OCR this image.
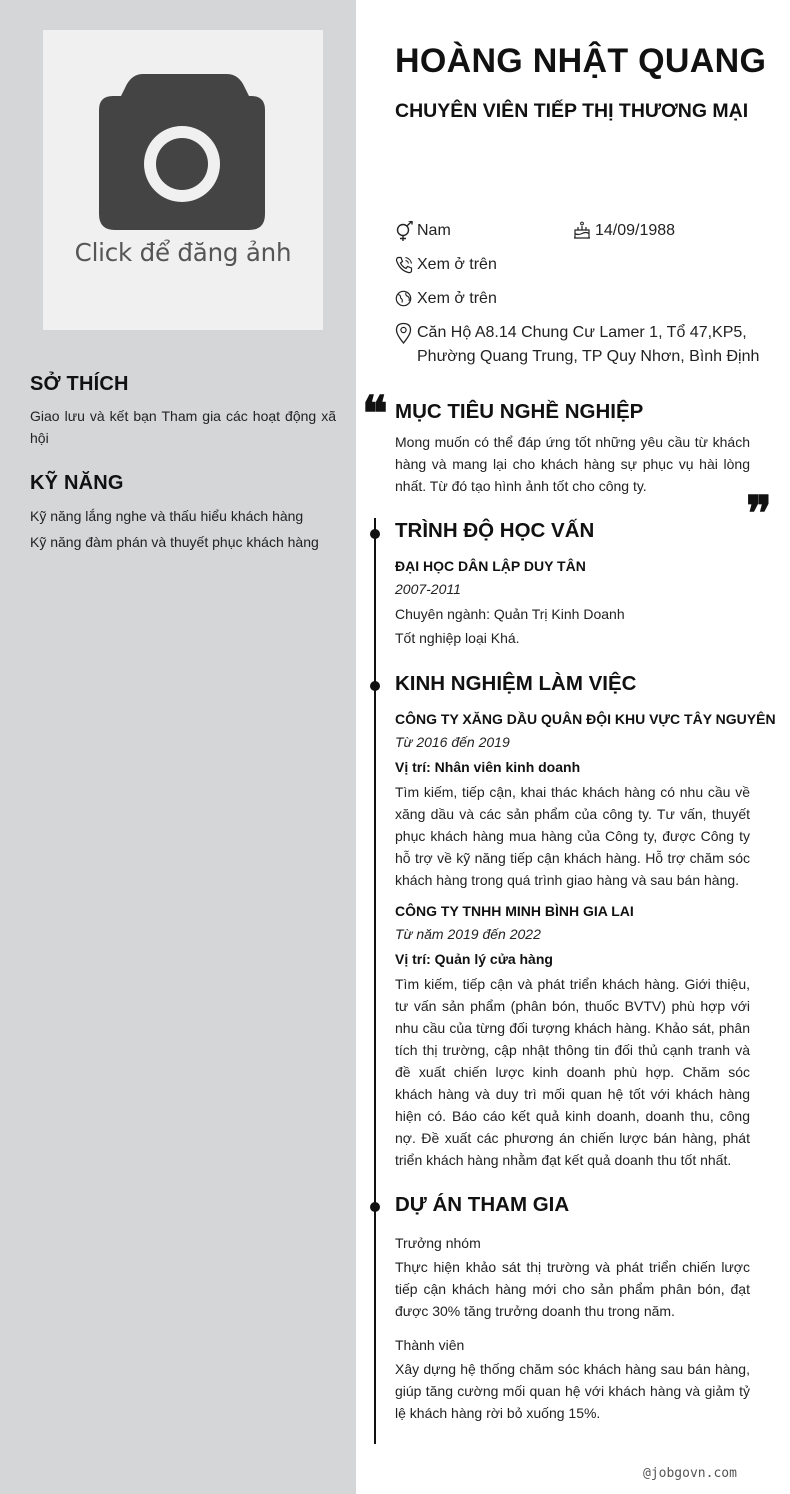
Click để đăng ảnh
SỞ THÍCH
Giao lưu và kết bạn Tham gia các hoạt động xã hội
KỸ NĂNG
Kỹ năng lắng nghe và thấu hiểu khách hàng
Kỹ năng đàm phán và thuyết phục khách hàng
HOÀNG NHẬT QUANG
CHUYÊN VIÊN TIẾP THỊ THƯƠNG MẠI
Nam	14/09/1988
Xem ở trên
Xem ở trên
Căn Hộ A8.14 Chung Cư Lamer 1, Tổ 47,KP5,
Phường Quang Trung, TP Quy Nhơn, Bình Định
❝ MỤC TIÊU NGHỀ NGHIỆP
Mong muốn có thể đáp ứng tốt những yêu cầu từ khách hàng và mang lại cho khách hàng sự phục vụ hài lòng nhất. Từ đó tạo hình ảnh tốt cho công ty.	❞
TRÌNH ĐỘ HỌC VẤN
ĐẠI HỌC DÂN LẬP DUY TÂN
2007-2011
Chuyên ngành: Quản Trị Kinh Doanh
Tốt nghiệp loại Khá.
KINH NGHIỆM LÀM VIỆC
CÔNG TY XĂNG DẦU QUÂN ĐỘI KHU VỰC TÂY NGUYÊN
Từ 2016 đến 2019
Vị trí: Nhân viên kinh doanh
Tìm kiếm, tiếp cận, khai thác khách hàng có nhu cầu về xăng dầu và các sản phẩm của công ty. Tư vấn, thuyết phục khách hàng mua hàng của Công ty, được Công ty hỗ trợ về kỹ năng tiếp cận khách hàng. Hỗ trợ chăm sóc khách hàng trong quá trình giao hàng và sau bán hàng.
CÔNG TY TNHH MINH BÌNH GIA LAI
Từ năm 2019 đến 2022
Vị trí: Quản lý cửa hàng
Tìm kiếm, tiếp cận và phát triển khách hàng. Giới thiệu, tư vấn sản phẩm (phân bón, thuốc BVTV) phù hợp với nhu cầu của từng đối tượng khách hàng. Khảo sát, phân tích thị trường, cập nhật thông tin đối thủ cạnh tranh và đề xuất chiến lược kinh doanh phù hợp. Chăm sóc khách hàng và duy trì mối quan hệ tốt với khách hàng hiện có. Báo cáo kết quả kinh doanh, doanh thu, công nợ. Đề xuất các phương án chiến lược bán hàng, phát triển khách hàng nhằm đạt kết quả doanh thu tốt nhất.
DỰ ÁN THAM GIA
Trưởng nhóm
Thực hiện khảo sát thị trường và phát triển chiến lược tiếp cận khách hàng mới cho sản phẩm phân bón, đạt được 30% tăng trưởng doanh thu trong năm.
Thành viên
Xây dựng hệ thống chăm sóc khách hàng sau bán hàng, giúp tăng cường mối quan hệ với khách hàng và giảm tỷ lệ khách hàng rời bỏ xuống 15%.
@jobgovn.com
